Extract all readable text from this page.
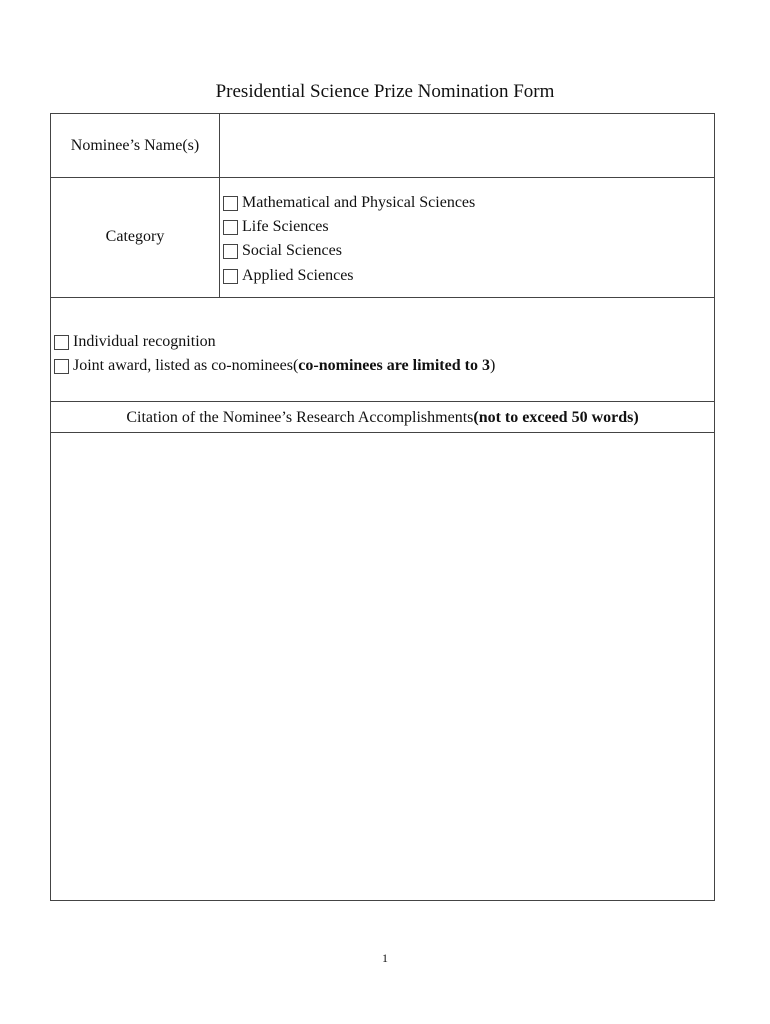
Presidential Science Prize Nomination Form
Nominee’s Name(s)
Category
Mathematical and Physical Sciences
Life Sciences
Social Sciences
Applied Sciences
Individual recognition
Joint award, listed as co-nominees(co-nominees are limited to 3)
Citation of the Nominee’s Research Accomplishments(not to exceed 50 words)
1
